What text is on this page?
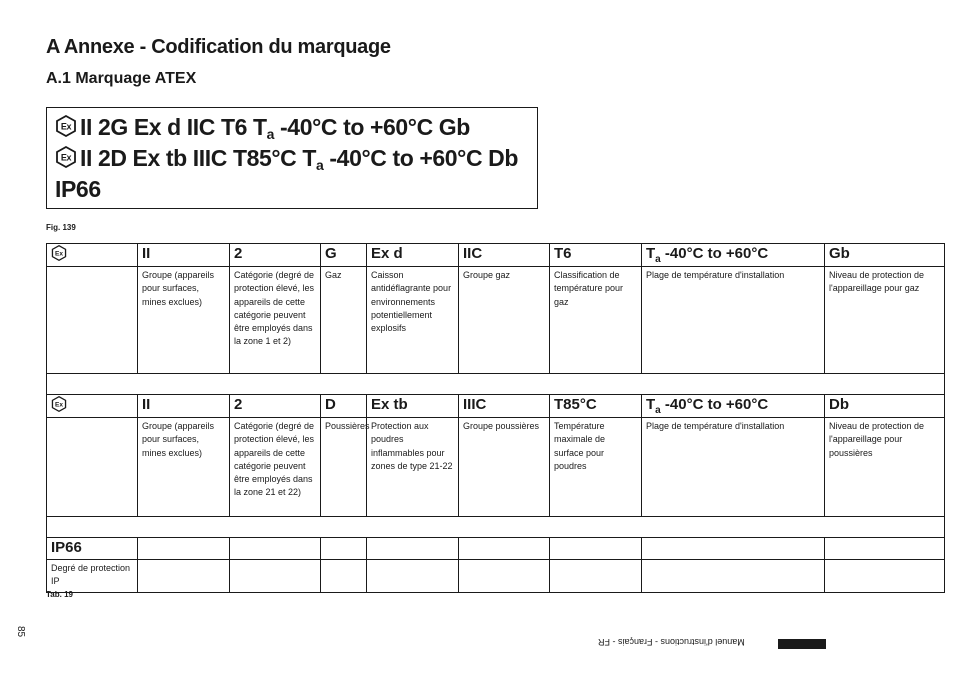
A Annexe - Codification du marquage
A.1 Marquage ATEX
Ex II 2G Ex d IIC T6 $T_a$ -40°C to +60°C Gb
Ex II 2D Ex tb IIIC T85°C $T_a$ -40°C to +60°C Db
IP66
Fig. 139
Ex	II	2	G	Ex d	IIC	T6	$T_a$ -40°C to +60°C	Gb
	Groupe (appareils pour surfaces, mines exclues)	Catégorie (degré de protection élevé, les appareils de cette catégorie peuvent être employés dans la zone 1 et 2)	Gaz	Caisson antidéflagrante pour environnements potentiellement explosifs	Groupe gaz	Classification de température pour gaz	Plage de température d'installation	Niveau de protection de l'appareillage pour gaz

Ex	II	2	D	Ex tb	IIIC	T85°C	$T_a$ -40°C to +60°C	Db
	Groupe (appareils pour surfaces, mines exclues)	Catégorie (degré de protection élevé, les appareils de cette catégorie peuvent être employés dans la zone 21 et 22)	Poussières	Protection aux poudres inflammables pour zones de type 21-22	Groupe poussières	Température maximale de surface pour poudres	Plage de température d'installation	Niveau de protection de l'appareillage pour poussières

IP66								
Degré de protection IP								
Tab. 19
85
Manuel d'instructions - Français - FR
